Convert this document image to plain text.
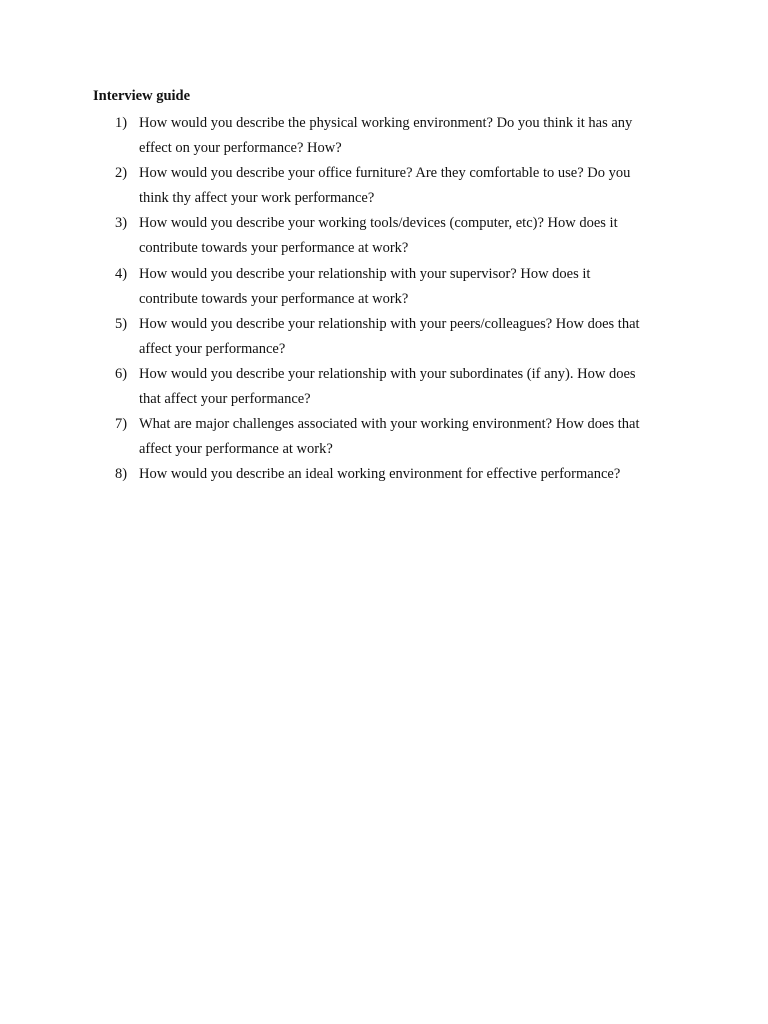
Interview guide
1) How would you describe the physical working environment? Do you think it has any
effect on your performance? How?
2) How would you describe your office furniture? Are they comfortable to use? Do you
think thy affect your work performance?
3) How would you describe your working tools/devices (computer, etc)? How does it
contribute towards your performance at work?
4) How would you describe your relationship with your supervisor? How does it
contribute towards your performance at work?
5) How would you describe your relationship with your peers/colleagues? How does that
affect your performance?
6) How would you describe your relationship with your subordinates (if any). How does
that affect your performance?
7) What are major challenges associated with your working environment? How does that
affect your performance at work?
8) How would you describe an ideal working environment for effective performance?
